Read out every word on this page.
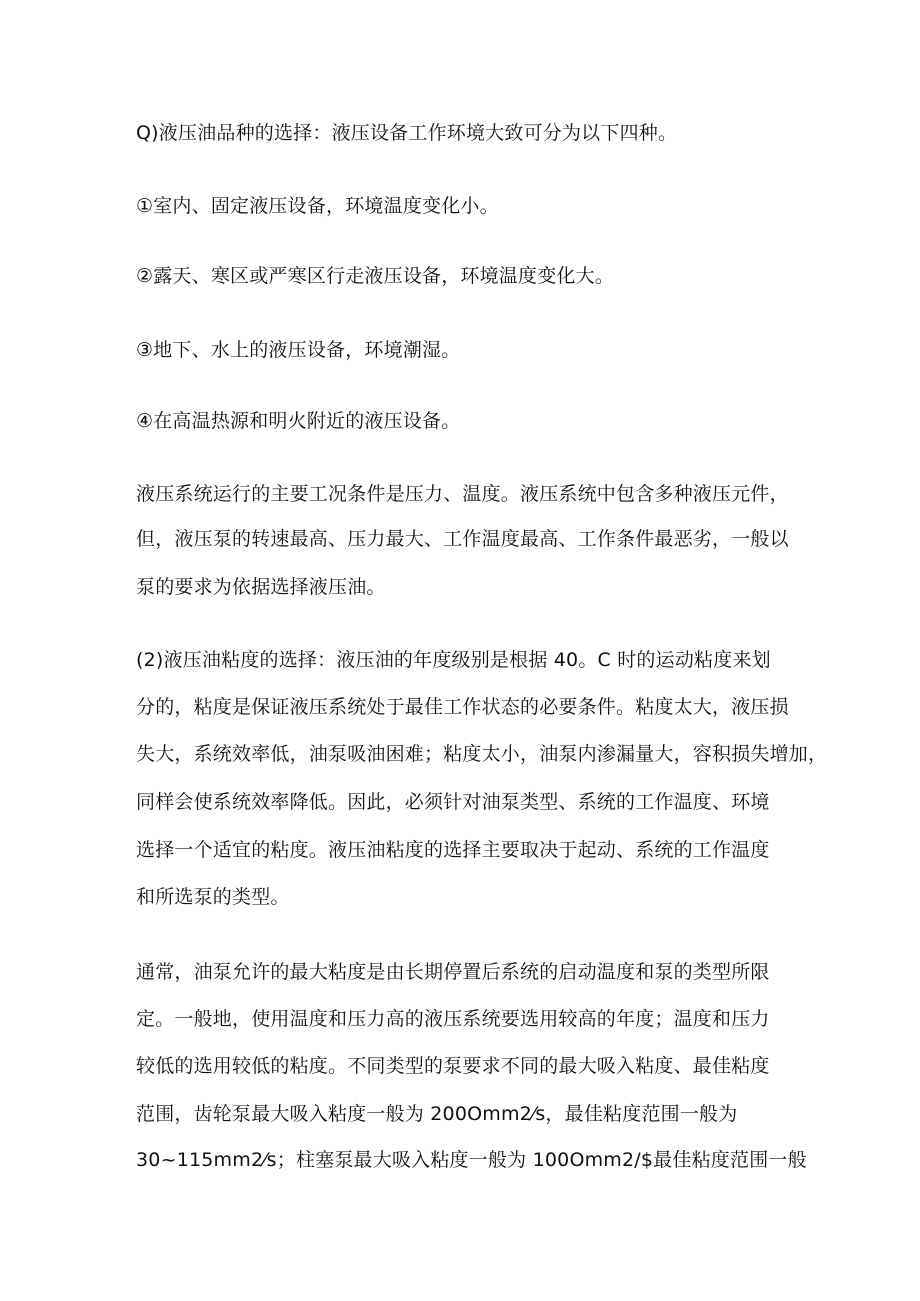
Q)液压油品种的选择：液压设备工作环境大致可分为以下四种。
①室内、固定液压设备，环境温度变化小。
②露天、寒区或严寒区行走液压设备，环境温度变化大。
③地下、水上的液压设备，环境潮湿。
④在高温热源和明火附近的液压设备。
液压系统运行的主要工况条件是压力、温度。液压系统中包含多种液压元件，
但，液压泵的转速最高、压力最大、工作温度最高、工作条件最恶劣，一般以
泵的要求为依据选择液压油。
(2)液压油粘度的选择：液压油的年度级别是根据 40。C 时的运动粘度来划
分的，粘度是保证液压系统处于最佳工作状态的必要条件。粘度太大，液压损
失大，系统效率低，油泵吸油困难；粘度太小，油泵内渗漏量大，容积损失增加，
同样会使系统效率降低。因此，必须针对油泵类型、系统的工作温度、环境
选择一个适宜的粘度。液压油粘度的选择主要取决于起动、系统的工作温度
和所选泵的类型。
通常，油泵允许的最大粘度是由长期停置后系统的启动温度和泵的类型所限
定。一般地，使用温度和压力高的液压系统要选用较高的年度；温度和压力
较低的选用较低的粘度。不同类型的泵要求不同的最大吸入粘度、最佳粘度
范围，齿轮泵最大吸入粘度一般为 200Omm2⁄s，最佳粘度范围一般为
30~115mm2⁄s；柱塞泵最大吸入粘度一般为 100Omm2/$最佳粘度范围一般
